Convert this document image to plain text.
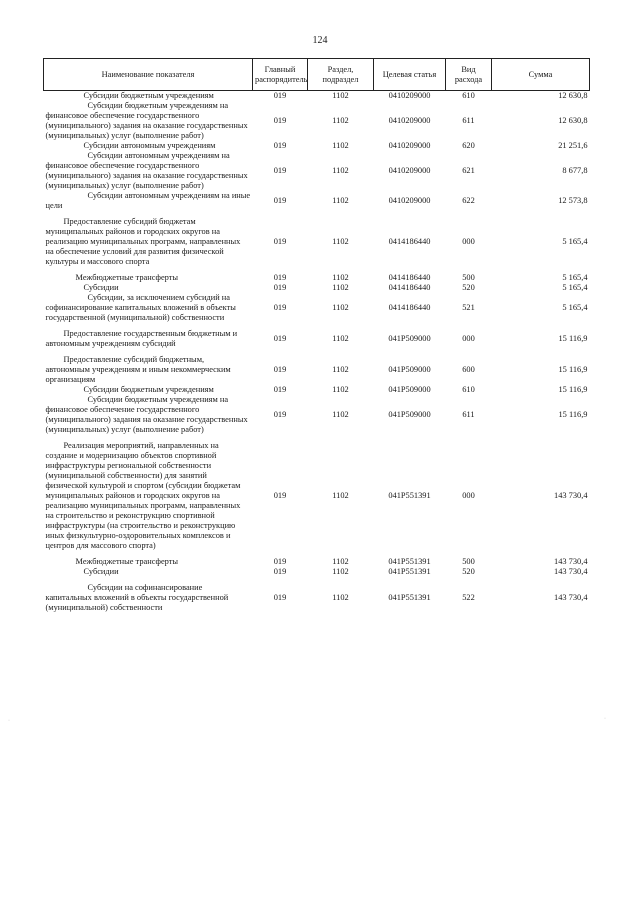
124
Наименование показателя	Главный распорядитель	Раздел, подраздел	Целевая статья	Вид расхода	Сумма

Субсидии бюджетным учреждениям	019	1102	0410209000	610	12 630,8

Субсидии бюджетным учреждениям на финансовое обеспечение государственного (муниципального) задания на оказание государственных (муниципальных) услуг (выполнение работ)	019	1102	0410209000	611	12 630,8

Субсидии автономным учреждениям	019	1102	0410209000	620	21 251,6

Субсидии автономным учреждениям на финансовое обеспечение государственного (муниципального) задания на оказание государственных (муниципальных) услуг (выполнение работ)	019	1102	0410209000	621	8 677,8

Субсидии автономным учреждениям на иные цели	019	1102	0410209000	622	12 573,8

Предоставление субсидий бюджетам муниципальных районов и городских округов на реализацию муниципальных программ, направленных на обеспечение условий для развития физической культуры и массового спорта	019	1102	0414186440	000	5 165,4

Межбюджетные трансферты	019	1102	0414186440	500	5 165,4

Субсидии	019	1102	0414186440	520	5 165,4

Субсидии, за исключением субсидий на софинансирование капитальных вложений в объекты государственной (муниципальной) собственности	019	1102	0414186440	521	5 165,4

Предоставление государственным бюджетным и автономным учреждениям субсидий	019	1102	041P509000	000	15 116,9

Предоставление субсидий бюджетным, автономным учреждениям и иным некоммерческим организациям	019	1102	041P509000	600	15 116,9

Субсидии бюджетным учреждениям	019	1102	041P509000	610	15 116,9

Субсидии бюджетным учреждениям на финансовое обеспечение государственного (муниципального) задания на оказание государственных (муниципальных) услуг (выполнение работ)	019	1102	041P509000	611	15 116,9

Реализация мероприятий, направленных на создание и модернизацию объектов спортивной инфраструктуры региональной собственности (муниципальной собственности) для занятий физической культурой и спортом (субсидии бюджетам муниципальных районов и городских округов на реализацию муниципальных программ, направленных на строительство и реконструкцию спортивной инфраструктуры (на строительство и реконструкцию иных физкультурно-оздоровительных комплексов и центров для массового спорта)	019	1102	041P551391	000	143 730,4

Межбюджетные трансферты	019	1102	041P551391	500	143 730,4

Субсидии	019	1102	041P551391	520	143 730,4

Субсидии на софинансирование капитальных вложений в объекты государственной (муниципальной) собственности	019	1102	041P551391	522	143 730,4
·	·
